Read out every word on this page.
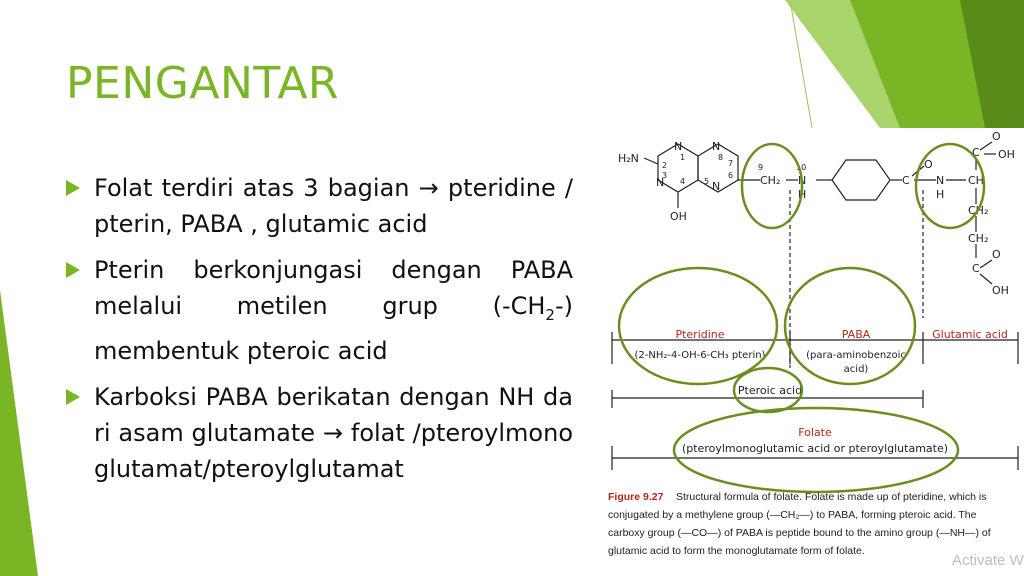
PENGANTAR
Folat terdiri atas 3 bagian → pteridine / pterin, PABA , glutamic acid
Pterin berkonjungasi dengan PABA melalui metilen grup $(-CH_2-)$ membentuk pteroic acid
Karboksi PABA berikatan dengan NH dari asam glutamate → folat /pteroylmonoglutamat/pteroylglutamat
H₂N
N
N
N
N
OH
CH₂ N
H
C
O
N
H
CH
C
O
OH
CH₂
CH₂
C
O
OH
1
2
3
4 5
6
7
8
9	10
Pteridine	PABA	Glutamic acid
(2-NH₂-4-OH-6-CH₃ pterin)	(para-aminobenzoic
acid)
Pteroic acid
Folate
(pteroylmonoglutamic acid or pteroylglutamate)
Figure 9.27 Structural formula of folate. Folate is made up of pteridine, which is
conjugated by a methylene group (—CH₂—) to PABA, forming pteroic acid. The
carboxy group (—CO—) of PABA is peptide bound to the amino group (—NH—) of
glutamic acid to form the monoglutamate form of folate.
Activate W
